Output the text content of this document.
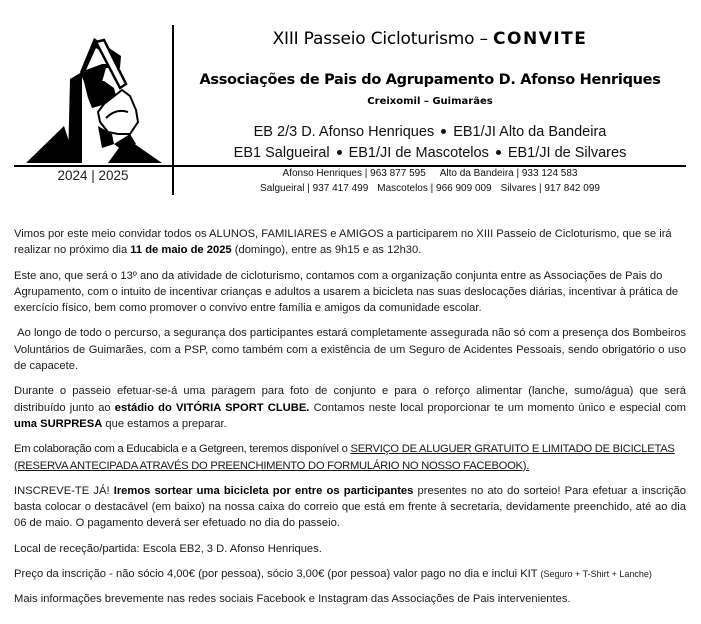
2024 | 2025
XIII Passeio Cicloturismo – CONVITE
Associações de Pais do Agrupamento D. Afonso Henriques
Creixomil – Guimarães
EB 2/3 D. Afonso Henriques EB1/JI Alto da Bandeira
EB1 Salgueiral EB1/JI de Mascotelos EB1/JI de Silvares
Afonso Henriques | 963 877 595 Alto da Bandeira | 933 124 583
Salgueiral | 937 417 499 Mascotelos | 966 909 009 Silvares | 917 842 099

Vimos por este meio convidar todos os ALUNOS, FAMILIARES e AMIGOS a participarem no XIII Passeio de Cicloturismo, que se irá realizar no próximo dia 11 de maio de 2025 (domingo), entre as 9h15 e as 12h30.

Este ano, que será o 13º ano da atividade de cicloturismo, contamos com a organização conjunta entre as Associações de Pais do Agrupamento, com o intuito de incentivar crianças e adultos a usarem a bicicleta nas suas deslocações diárias, incentivar à prática de exercício físico, bem como promover o convivo entre família e amigos da comunidade escolar.

Ao longo de todo o percurso, a segurança dos participantes estará completamente assegurada não só com a presença dos Bombeiros Voluntários de Guimarães, com a PSP, como também com a existência de um Seguro de Acidentes Pessoais, sendo obrigatório o uso de capacete.

Durante o passeio efetuar-se-á uma paragem para foto de conjunto e para o reforço alimentar (lanche, sumo/água) que será distribuído junto ao estádio do VITÓRIA SPORT CLUBE. Contamos neste local proporcionar te um momento único e especial com uma SURPRESA que estamos a preparar.

Em colaboração com a Educabicla e a Getgreen, teremos disponível o SERVIÇO DE ALUGUER GRATUITO E LIMITADO DE BICICLETAS (RESERVA ANTECIPADA ATRAVÉS DO PREENCHIMENTO DO FORMULÁRIO NO NOSSO FACEBOOK).

INSCREVE-TE JÁ! Iremos sortear uma bicicleta por entre os participantes presentes no ato do sorteio! Para efetuar a inscrição basta colocar o destacável (em baixo) na nossa caixa do correio que está em frente à secretaria, devidamente preenchido, até ao dia 06 de maio. O pagamento deverá ser efetuado no dia do passeio.

Local de receção/partida: Escola EB2, 3 D. Afonso Henriques.

Preço da inscrição - não sócio 4,00€ (por pessoa), sócio 3,00€ (por pessoa) valor pago no dia e inclui KIT (Seguro + T-Shirt + Lanche)

Mais informações brevemente nas redes sociais Facebook e Instagram das Associações de Pais intervenientes.
